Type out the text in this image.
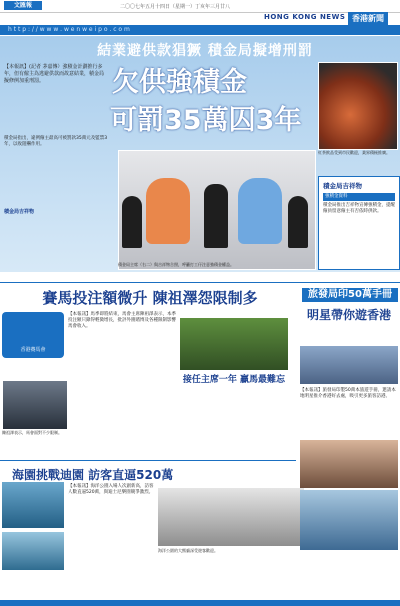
文匯報	二〇〇七年五月十四日（星期一）丁亥年三月廿八
HONG KONG NEWS 香港新聞
h t t p : / / w w w . w e n w e i p o . c o m
結業避供款猖獗 積金局擬增刑罰
欠供強積金
可罰35萬囚3年
紅茶飲品受到市民歡迎，業界積極推廣。
【本報訊】(記者 茅嘉傳）強積金計劃推行多年，但有僱主為逃避供款而故意結業，積金局擬修例加重刑罰。
積金局指出，違例僱主最高可被罰款35萬元及監禁3年，以收阻嚇作用。
積金局吉祥物
積金局主席（右二）與吉祥物合照，呼籲打工仔注意強積金權益。
積金局吉祥物
強積金資料
積金局推出吉祥物宣傳強積金，提醒僱員留意僱主有否依時供款。
賽馬投注額微升 陳祖澤怨限制多	旅發局印50萬手冊
明星帶你遊香港
香港賽馬會
【本報訊】馬季即將結束，馬會主席陳祖澤表示，本季投注額只錄得輕微增長，批評外圍賭博及各種限制影響馬會收入。
陳祖澤表示，馬會面對不少限制。
接任主席一年 贏馬最難忘
【本報訊】旅發局印製50萬本旅遊手冊，邀請本地明星推介香港好去處，吸引更多旅客訪港。
海園挑戰迪園 訪客直逼520萬
【本報訊】海洋公園入場人次創新高，訪客人數直逼520萬，與迪士尼樂園競爭激烈。
海洋公園的大熊貓深受遊客歡迎。
